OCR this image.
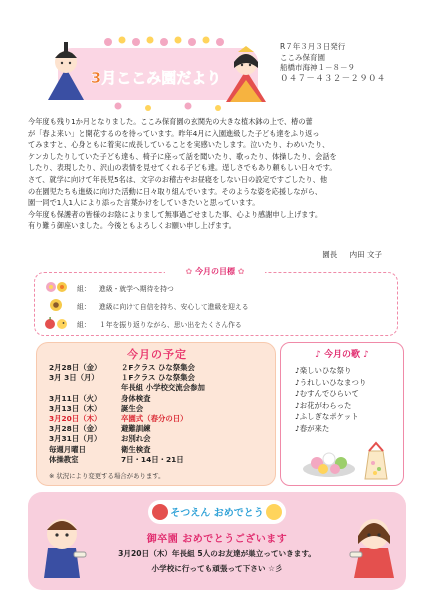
3月ここみ園だより
R７年３月３日発行
ここみ保育園
船橋市海神１－８－９
０４７－４３２－２９０４

今年度も残り1か月となりました。ここみ保育園の玄関先の大きな植木鉢の上で、椿の蕾

が「春よ来い」と開花するのを待っています。昨年4月に入園進級した子ども達をふり返っ

てみますと、心身ともに着実に成長していることを実感いたします。泣いたり、わめいたり、

ケンカしたりしていた子ども達も、椅子に座って話を聞いたり、歌ったり、体操したり、会話を

したり、表現したり、沢山の表情を見せてくれる子ども達。逞しさでもあり頼もしい日々です。

さて、就学に向けて年長児5名は、文字のお稽古やお昼寝をしない日の設定ですごしたり、他

の在園児たちも進級に向けた活動に日々取り組んでいます。そのような姿を応援しながら、

園一同で1人1人により添った言葉かけをしていきたいと思っています。

今年度も保護者の皆様のお陰によりまして無事過ごせました事、心より感謝申し上げます。

有り難う御座いました。今後ともよろしくお願い申し上げます。

園長 内田 文子
✿ 今月の目標 ✿
組： 進級・就学へ期待を持つ
組： 進級に向けて自信を持ち、安心して進級を迎える
組： １年を振り返りながら、思い出をたくさん作る
今月の予定
2月28日（金）	２Fクラス ひな祭集会
3月 3日（月）	１Fクラス ひな祭集会
年長組 小学校交流会参加
3月11日（火）	身体検査
3月13日（木）	誕生会
3月20日（木）	卒園式（春分の日）
3月28日（金）	避難訓練
3月31日（月）	お別れ会
毎週月曜日	衛生検査
体操教室	7日・14日・21日
※ 状況により変更する場合があります。
♪ 今月の歌 ♪
♪楽しいひな祭り
♪うれしいひなまつり
♪むすんでひらいて
♪お花がわらった
♪ふしぎなポケット
♪春が来た
そつえん おめでとう
御卒園 おめでとうございます
3月20日（木）年長組 5人のお友達が巣立っていきます。
小学校に行っても頑張って下さい ☆彡
